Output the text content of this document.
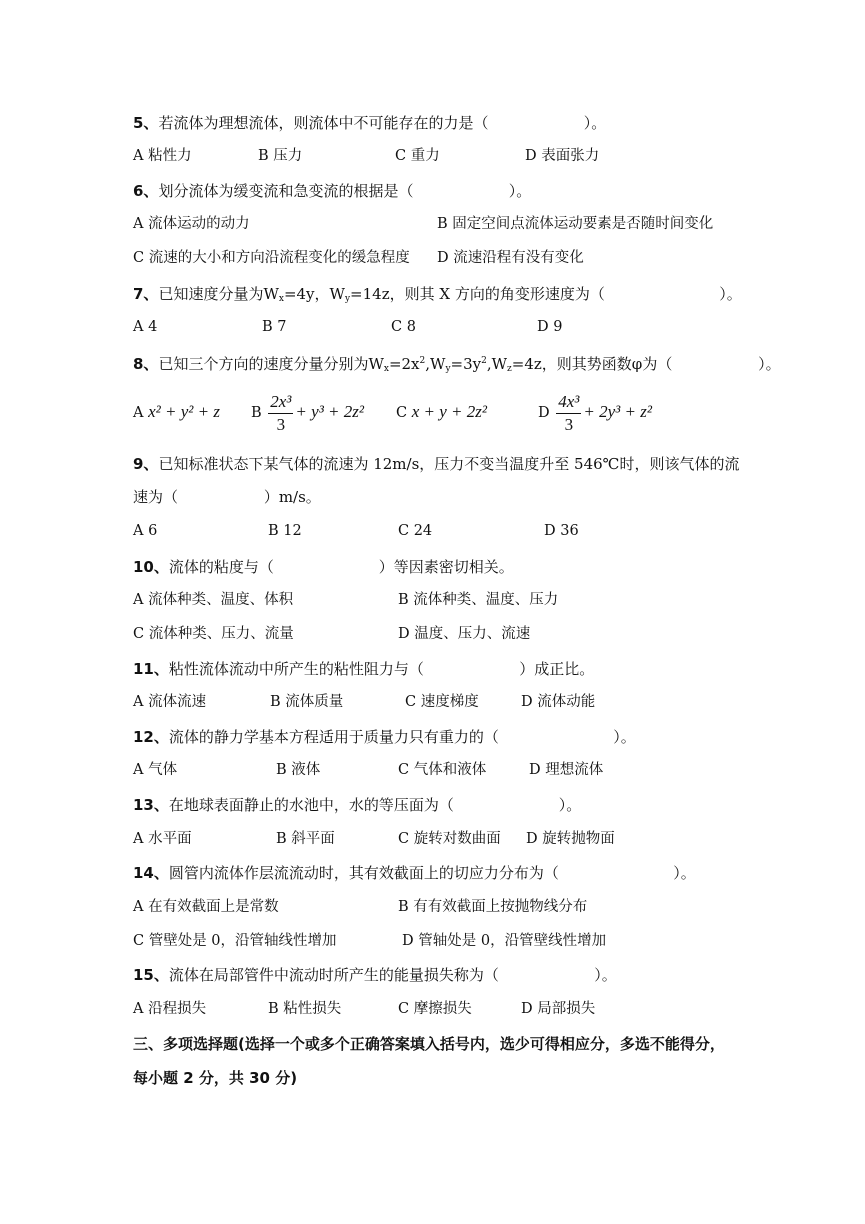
5、若流体为理想流体，则流体中不可能存在的力是（                    ）。
A 粘性力	B 压力	C 重力	D 表面张力
6、划分流体为缓变流和急变流的根据是（                    ）。
A 流体运动的动力	B 固定空间点流体运动要素是否随时间变化
C 流速的大小和方向沿流程变化的缓急程度 D 流速沿程有没有变化
7、已知速度分量为$W_x=4y$，$W_y=14z$，则其 X 方向的角变形速度为（                        ）。
A 4	B 7	C 8	D 9
8、已知三个方向的速度分量分别为$W_x=2x^2,W_y=3y^2,W_z=4z$，则其势函数φ为（                  ）。
A x² + y² + z B $\frac{\text{2x³}}{3} + y^3 + 2z^2$ C x + y + 2z²	D $\frac{\text{4x³}}{3} + 2y^3 + z^2$
9、已知标准状态下某气体的流速为 12m/s，压力不变当温度升至 546℃时，则该气体的流
速为（                  ）m/s。
A 6	B 12	C 24	D 36
10、流体的粘度与（                      ）等因素密切相关。
A 流体种类、温度、体积	B 流体种类、温度、压力
C 流体种类、压力、流量	D 温度、压力、流速
11、粘性流体流动中所产生的粘性阻力与（                    ）成正比。
A 流体流速	B 流体质量	C 速度梯度	D 流体动能
12、流体的静力学基本方程适用于质量力只有重力的（                        ）。
A 气体	B 液体	C 气体和液体	D 理想流体
13、在地球表面静止的水池中，水的等压面为（                      ）。
A 水平面	B 斜平面	C 旋转对数曲面 D 旋转抛物面
14、圆管内流体作层流流动时，其有效截面上的切应力分布为（                        ）。
A 在有效截面上是常数	B 有有效截面上按抛物线分布
C 管壁处是 0，沿管轴线性增加	D 管轴处是 0，沿管壁线性增加
15、流体在局部管件中流动时所产生的能量损失称为（                    ）。
A 沿程损失	B 粘性损失	C 摩擦损失	D 局部损失
三、多项选择题(选择一个或多个正确答案填入括号内，选少可得相应分，多选不能得分，
每小题 2 分，共 30 分)
